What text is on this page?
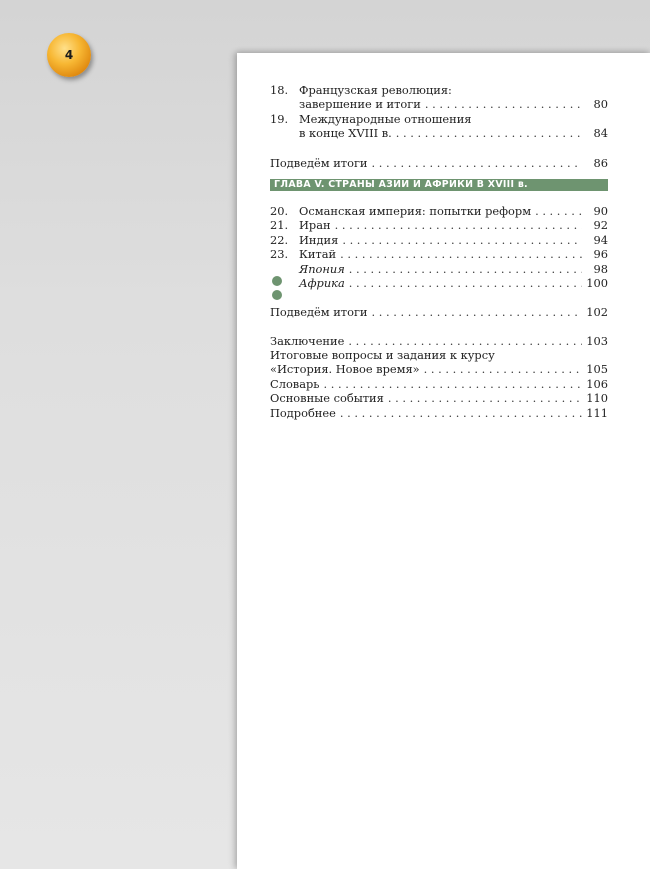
4
18. Французская революция:
завершение и итоги . . .	80
19. Международные отношения
в конце XVIII в. . . .	84
Подведём итоги . . .	86
ГЛАВА V. СТРАНЫ АЗИИ И АФРИКИ В XVIII в.
20. Османская империя: попытки реформ . . .	90
21. Иран . . .	92
22. Индия . . .	94
23. Китай . . .	96
Япония . . .	98
Африка . . .	100
Подведём итоги . . .	102
Заключение . . .	103
Итоговые вопросы и задания к курсу
«История. Новое время» . . .	105
Словарь . . .	106
Основные события . . .	110
Подробнее . . .	111
